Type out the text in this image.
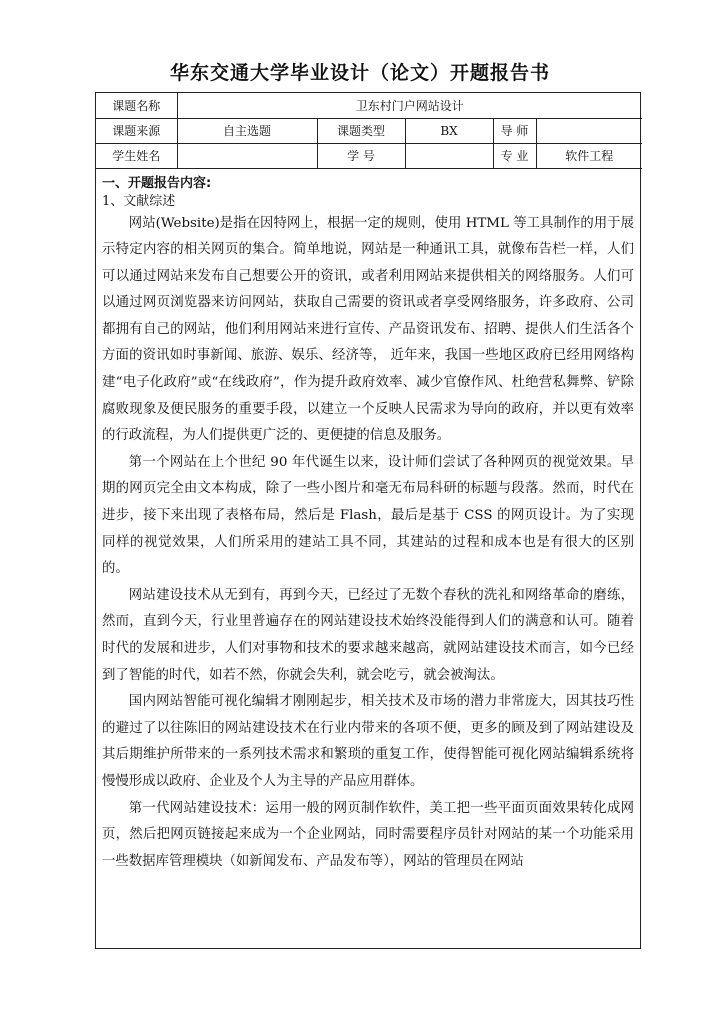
华东交通大学毕业设计（论文）开题报告书
课题名称	卫东村门户网站设计				
课题来源	自主选题	课题类型	BX	导 师	
学生姓名		学 号		专 业	软件工程
一、开题报告内容:
1、文献综述

网站(Website)是指在因特网上，根据一定的规则，使用 HTML 等工具制作的用于展示特定内容的相关网页的集合。简单地说，网站是一种通讯工具，就像布告栏一样，人们可以通过网站来发布自己想要公开的资讯，或者利用网站来提供相关的网络服务。人们可以通过网页浏览器来访问网站，获取自己需要的资讯或者享受网络服务，许多政府、公司都拥有自己的网站，他们利用网站来进行宣传、产品资讯发布、招聘、提供人们生活各个方面的资讯如时事新闻、旅游、娱乐、经济等， 近年来，我国一些地区政府已经用网络构建“电子化政府”或“在线政府”，作为提升政府效率、减少官僚作风、杜绝营私舞弊、铲除腐败现象及便民服务的重要手段，以建立一个反映人民需求为导向的政府，并以更有效率的行政流程，为人们提供更广泛的、更便捷的信息及服务。

第一个网站在上个世纪 90 年代诞生以来，设计师们尝试了各种网页的视觉效果。早期的网页完全由文本构成，除了一些小图片和毫无布局科研的标题与段落。然而，时代在进步，接下来出现了表格布局，然后是 Flash，最后是基于 CSS 的网页设计。为了实现同样的视觉效果，人们所采用的建站工具不同，其建站的过程和成本也是有很大的区别的。

网站建设技术从无到有，再到今天，已经过了无数个春秋的洗礼和网络革命的磨练，然而，直到今天，行业里普遍存在的网站建设技术始终没能得到人们的满意和认可。随着时代的发展和进步，人们对事物和技术的要求越来越高，就网站建设技术而言，如今已经到了智能的时代，如若不然，你就会失利，就会吃亏，就会被淘汰。

国内网站智能可视化编辑才刚刚起步，相关技术及市场的潜力非常庞大，因其技巧性的避过了以往陈旧的网站建设技术在行业内带来的各项不便，更多的顾及到了网站建设及其后期维护所带来的一系列技术需求和繁琐的重复工作，使得智能可视化网站编辑系统将慢慢形成以政府、企业及个人为主导的产品应用群体。

第一代网站建设技术：运用一般的网页制作软件，美工把一些平面页面效果转化成网页，然后把网页链接起来成为一个企业网站，同时需要程序员针对网站的某一个功能采用一些数据库管理模块（如新闻发布、产品发布等），网站的管理员在网站
